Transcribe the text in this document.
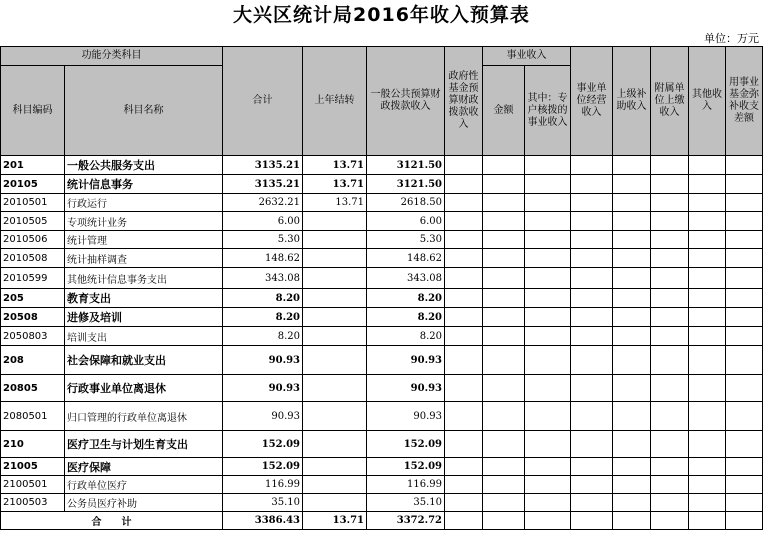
大兴区统计局2016年收入预算表
单位：万元
功能分类科目		合计	上年结转	一般公共预算财政拨款收入	政府性基金预算财政拨款收入	事业收入		事业单位经营收入	上级补助收入	附属单位上缴收入	其他收入	用事业基金弥补收支差额
科目编码	科目名称					金额	其中：专户核拨的事业收入					

201	一般公共服务支出	3135.21	13.71	3121.50								
20105	统计信息事务	3135.21	13.71	3121.50								
2010501	行政运行	2632.21	13.71	2618.50								
2010505	专项统计业务	6.00		6.00								
2010506	统计管理	5.30		5.30								
2010508	统计抽样调查	148.62		148.62								
2010599	其他统计信息事务支出	343.08		343.08								
205	教育支出	8.20		8.20								
20508	进修及培训	8.20		8.20								
2050803	培训支出	8.20		8.20								
208	社会保障和就业支出	90.93		90.93								
20805	行政事业单位离退休	90.93		90.93								
2080501	归口管理的行政单位离退休	90.93		90.93								
210	医疗卫生与计划生育支出	152.09		152.09								
21005	医疗保障	152.09		152.09								
2100501	行政单位医疗	116.99		116.99								
2100503	公务员医疗补助	35.10		35.10								
合　　计		3386.43	13.71	3372.72								
